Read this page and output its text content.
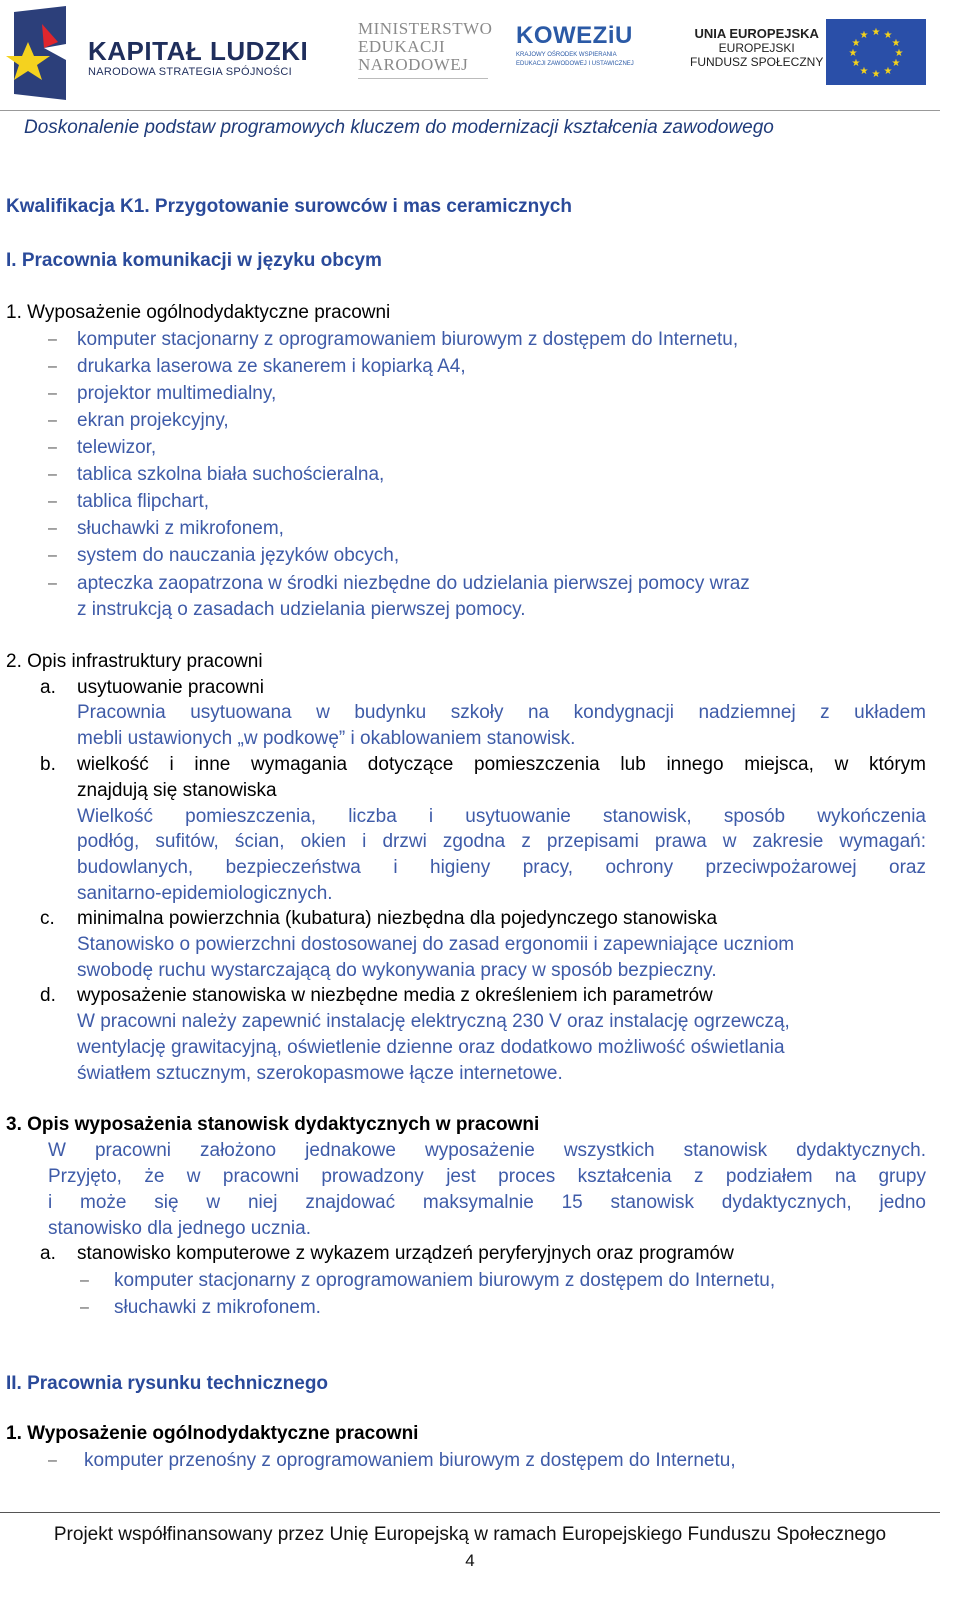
KAPITAŁ LUDZKI
NARODOWA STRATEGIA SPÓJNOŚCI
MINISTERSTWO
EDUKACJI
NARODOWEJ
KOWEZiU
KRAJOWY OŚRODEK WSPIERANIA
EDUKACJI ZAWODOWEJ I USTAWICZNEJ
UNIA EUROPEJSKA
EUROPEJSKI
FUNDUSZ SPOŁECZNY
★ ★
★
★
★
★
★
★
★
★
★
★
Doskonalenie podstaw programowych kluczem do modernizacji kształcenia zawodowego
Kwalifikacja K1. Przygotowanie surowców i mas ceramicznych
I. Pracownia komunikacji w języku obcym
1. Wyposażenie ogólnodydaktyczne pracowni
– komputer stacjonarny z oprogramowaniem biurowym z dostępem do Internetu,
– drukarka laserowa ze skanerem i kopiarką A4,
– projektor multimedialny,
– ekran projekcyjny,
– telewizor,
– tablica szkolna biała suchościeralna,
– tablica flipchart,
– słuchawki z mikrofonem,
– system do nauczania języków obcych,
– apteczka zaopatrzona w środki niezbędne do udzielania pierwszej pomocy wraz
z instrukcją o zasadach udzielania pierwszej pomocy.
2. Opis infrastruktury pracowni
a. usytuowanie pracowni
Pracownia usytuowana w budynku szkoły na kondygnacji nadziemnej z układem
mebli ustawionych „w podkowę” i okablowaniem stanowisk.
b. wielkość i inne wymagania dotyczące pomieszczenia lub innego miejsca, w którym
znajdują się stanowiska
Wielkość pomieszczenia, liczba i usytuowanie stanowisk, sposób wykończenia
podłóg, sufitów, ścian, okien i drzwi zgodna z przepisami prawa w zakresie wymagań:
budowlanych, bezpieczeństwa i higieny pracy, ochrony przeciwpożarowej oraz
sanitarno-epidemiologicznych.
c. minimalna powierzchnia (kubatura) niezbędna dla pojedynczego stanowiska
Stanowisko o powierzchni dostosowanej do zasad ergonomii i zapewniające uczniom
swobodę ruchu wystarczającą do wykonywania pracy w sposób bezpieczny.
d. wyposażenie stanowiska w niezbędne media z określeniem ich parametrów
W pracowni należy zapewnić instalację elektryczną 230 V oraz instalację ogrzewczą,
wentylację grawitacyjną, oświetlenie dzienne oraz dodatkowo możliwość oświetlania
światłem sztucznym, szerokopasmowe łącze internetowe.
3. Opis wyposażenia stanowisk dydaktycznych w pracowni
W pracowni założono jednakowe wyposażenie wszystkich stanowisk dydaktycznych.
Przyjęto, że w pracowni prowadzony jest proces kształcenia z podziałem na grupy
i może się w niej znajdować maksymalnie 15 stanowisk dydaktycznych, jedno
stanowisko dla jednego ucznia.
a. stanowisko komputerowe z wykazem urządzeń peryferyjnych oraz programów
– komputer stacjonarny z oprogramowaniem biurowym z dostępem do Internetu,
– słuchawki z mikrofonem.
II. Pracownia rysunku technicznego
1. Wyposażenie ogólnodydaktyczne pracowni
– komputer przenośny z oprogramowaniem biurowym z dostępem do Internetu,
Projekt współfinansowany przez Unię Europejską w ramach Europejskiego Funduszu Społecznego
4
